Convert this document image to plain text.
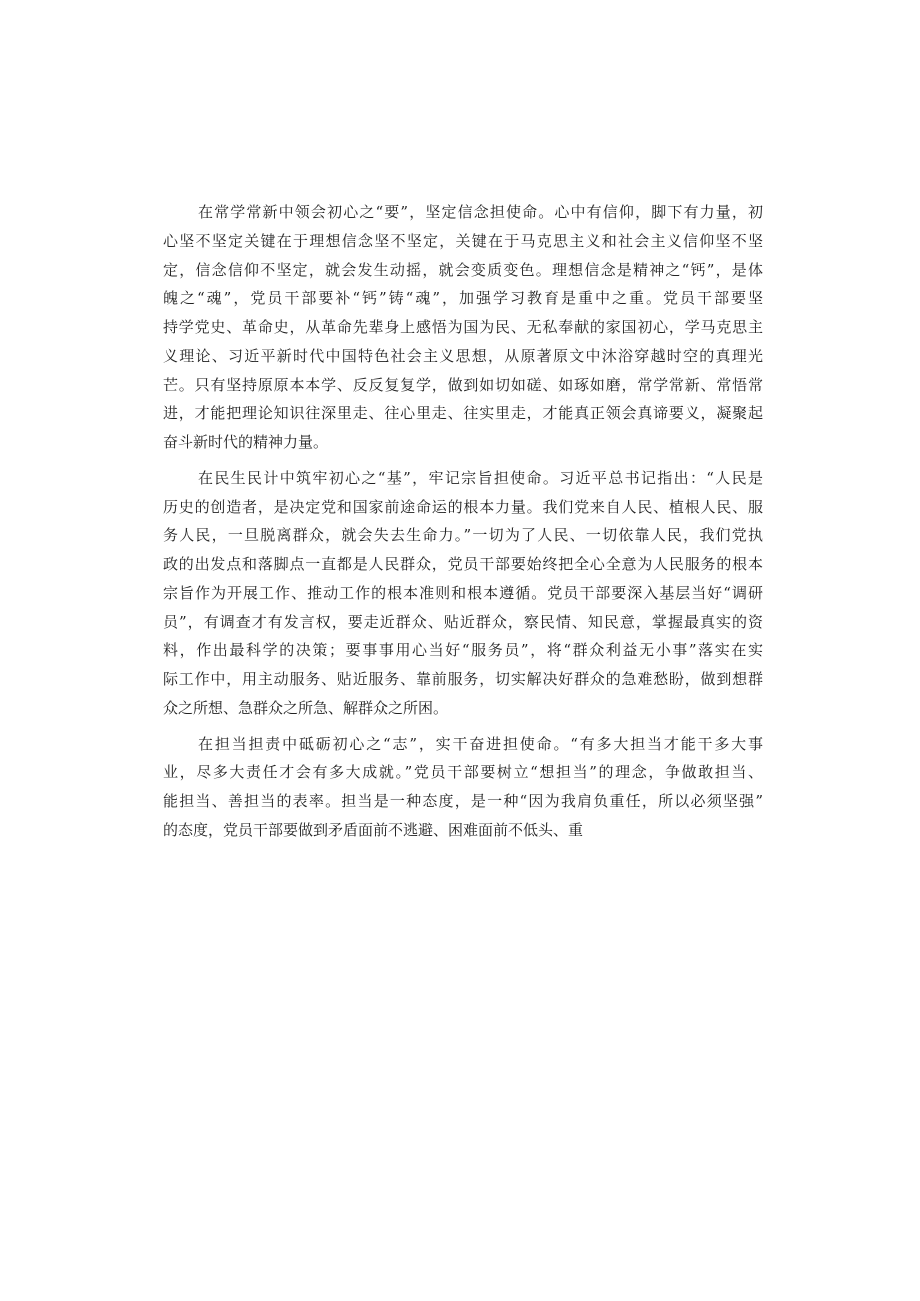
在常学常新中领会初心之“要”，坚定信念担使命。心中有信仰，脚下有力量，初
心坚不坚定关键在于理想信念坚不坚定，关键在于马克思主义和社会主义信仰坚不坚
定，信念信仰不坚定，就会发生动摇，就会变质变色。理想信念是精神之“钙”，是体
魄之“魂”，党员干部要补“钙”铸“魂”，加强学习教育是重中之重。党员干部要坚
持学党史、革命史，从革命先辈身上感悟为国为民、无私奉献的家国初心，学马克思主
义理论、习近平新时代中国特色社会主义思想，从原著原文中沐浴穿越时空的真理光
芒。只有坚持原原本本学、反反复复学，做到如切如磋、如琢如磨，常学常新、常悟常
进，才能把理论知识往深里走、往心里走、往实里走，才能真正领会真谛要义，凝聚起
奋斗新时代的精神力量。
在民生民计中筑牢初心之“基”，牢记宗旨担使命。习近平总书记指出：“人民是
历史的创造者，是决定党和国家前途命运的根本力量。我们党来自人民、植根人民、服
务人民，一旦脱离群众，就会失去生命力。”一切为了人民、一切依靠人民，我们党执
政的出发点和落脚点一直都是人民群众，党员干部要始终把全心全意为人民服务的根本
宗旨作为开展工作、推动工作的根本准则和根本遵循。党员干部要深入基层当好“调研
员”，有调查才有发言权，要走近群众、贴近群众，察民情、知民意，掌握最真实的资
料，作出最科学的决策；要事事用心当好“服务员”，将“群众利益无小事”落实在实
际工作中，用主动服务、贴近服务、靠前服务，切实解决好群众的急难愁盼，做到想群
众之所想、急群众之所急、解群众之所困。
在担当担责中砥砺初心之“志”，实干奋进担使命。“有多大担当才能干多大事
业，尽多大责任才会有多大成就。”党员干部要树立“想担当”的理念，争做敢担当、
能担当、善担当的表率。担当是一种态度，是一种“因为我肩负重任，所以必须坚强”
的态度，党员干部要做到矛盾面前不逃避、困难面前不低头、重
